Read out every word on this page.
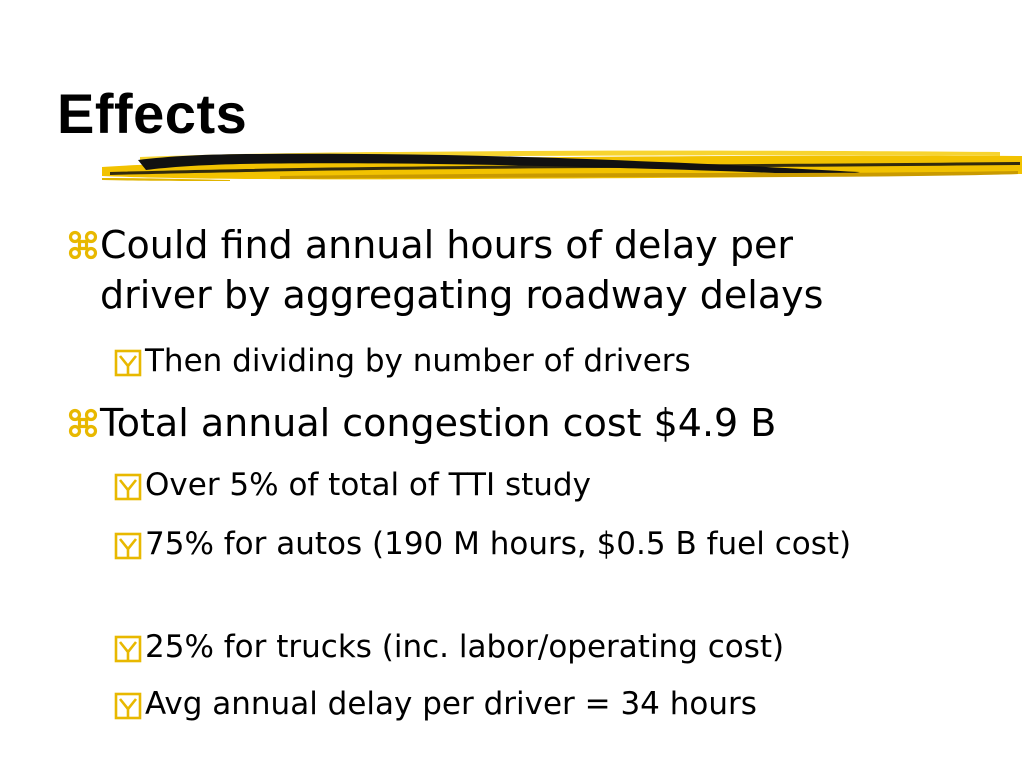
Effects
Could find annual hours of delay per driver by aggregating roadway delays
Then dividing by number of drivers
Total annual congestion cost $4.9 B
Over 5% of total of TTI study
75% for autos (190 M hours, $0.5 B fuel cost)
25% for trucks (inc. labor/operating cost)
Avg annual delay per driver = 34 hours
